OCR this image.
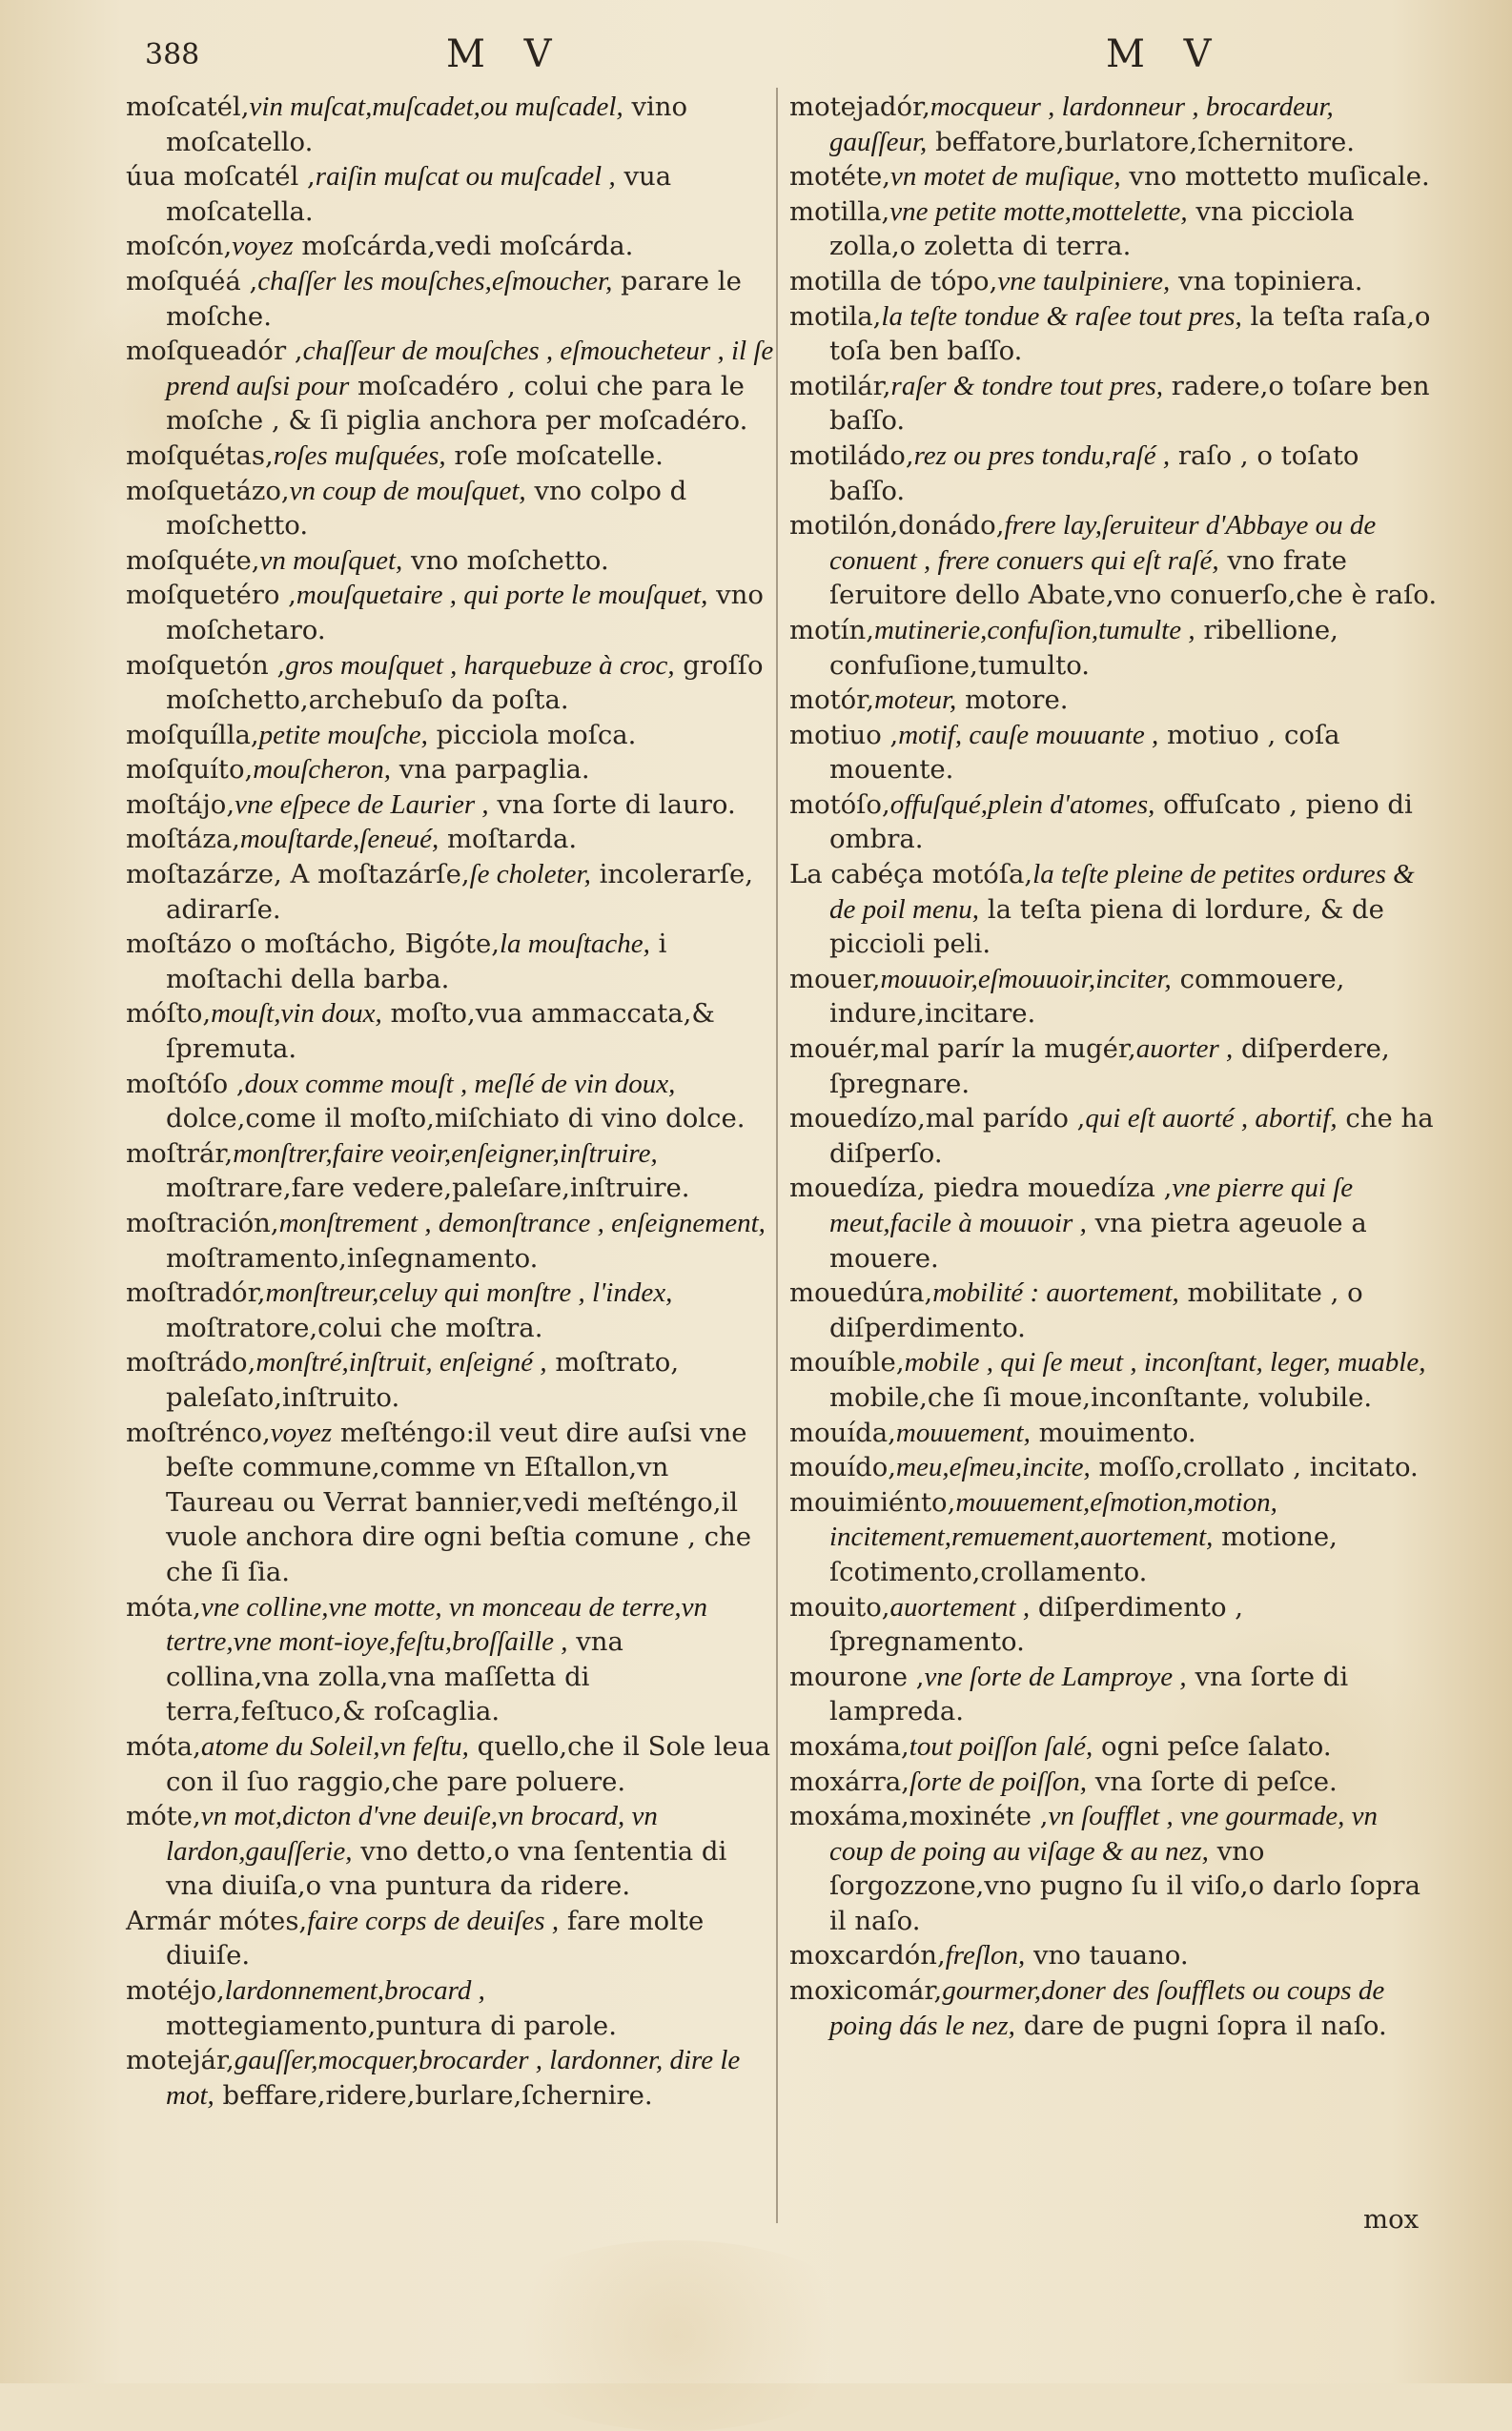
388	M V	M V

moſcatél,vin muſcat,muſcadet,ou muſcadel, vino moſcatello.

úua moſcatél ,raiſin muſcat ou muſcadel , vua moſcatella.

moſcón,voyez moſcárda,vedi moſcárda.

moſquéá ,chaſſer les mouſches,eſmoucher, parare le moſche.

moſqueadór ,chaſſeur de mouſches , eſmoucheteur , il ſe prend auſsi pour moſcadéro , colui che para le moſche , & ſi piglia anchora per moſcadéro.

moſquétas,roſes muſquées, roſe moſcatelle.

moſquetázo,vn coup de mouſquet, vno colpo d moſchetto.

moſquéte,vn mouſquet, vno moſchetto.

moſquetéro ,mouſquetaire , qui porte le mouſquet, vno moſchetaro.

moſquetón ,gros mouſquet , harquebuze à croc, groſſo moſchetto,archebuſo da poſta.

moſquílla,petite mouſche, picciola moſca.

moſquíto,mouſcheron, vna parpaglia.

moſtájo,vne eſpece de Laurier , vna ſorte di lauro.

moſtáza,mouſtarde,ſeneué, moſtarda.

moſtazárze, A moſtazárſe,ſe choleter, incolerarſe, adirarſe.

moſtázo o moſtácho, Bigóte,la mouſtache, i moſtachi della barba.

móſto,mouſt,vin doux, moſto,vua ammaccata,& ſpremuta.

moſtóſo ,doux comme mouſt , meſlé de vin doux, dolce,come il moſto,miſchiato di vino dolce.

moſtrár,monſtrer,faire veoir,enſeigner,inſtruire, moſtrare,fare vedere,paleſare,inſtruire.

moſtración,monſtrement , demonſtrance , enſeignement, moſtramento,inſegnamento.

moſtradór,monſtreur,celuy qui monſtre , l'index, moſtratore,colui che moſtra.

moſtrádo,monſtré,inſtruit, enſeigné , moſtrato, paleſato,inſtruito.

moſtrénco,voyez meſténgo:il veut dire auſsi vne beſte commune,comme vn Eſtallon,vn Taureau ou Verrat bannier,vedi meſténgo,il vuole anchora dire ogni beſtia comune , che che ſi ſia.

móta,vne colline,vne motte, vn monceau de terre,vn tertre,vne mont-ioye,feſtu,broſſaille , vna collina,vna zolla,vna maſſetta di terra,feſtuco,& roſcaglia.

móta,atome du Soleil,vn feſtu, quello,che il Sole leua con il ſuo raggio,che pare poluere.

móte,vn mot,dicton d'vne deuiſe,vn brocard, vn lardon,gauſſerie, vno detto,o vna ſententia di vna diuiſa,o vna puntura da ridere.

Armár mótes,faire corps de deuiſes , fare molte diuiſe.

motéjo,lardonnement,brocard , mottegiamento,puntura di parole.

motejár,gauſſer,mocquer,brocarder , lardonner, dire le mot, beffare,ridere,burlare,ſchernire.

motejadór,mocqueur , lardonneur , brocardeur, gauſſeur, beffatore,burlatore,ſchernitore.

motéte,vn motet de muſique, vno mottetto muſicale.

motilla,vne petite motte,mottelette, vna picciola zolla,o zoletta di terra.

motilla de tópo,vne taulpiniere, vna topiniera.

motila,la teſte tondue & raſee tout pres, la teſta raſa,o toſa ben baſſo.

motilár,raſer & tondre tout pres, radere,o toſare ben baſſo.

motiládo,rez ou pres tondu,raſé , raſo , o toſato baſſo.

motilón,donádo,frere lay,ſeruiteur d'Abbaye ou de conuent , frere conuers qui eſt raſé, vno frate ſeruitore dello Abate,vno conuerſo,che è raſo.

motín,mutinerie,confuſion,tumulte , ribellione, confuſione,tumulto.

motór,moteur, motore.

motiuo ,motif, cauſe mouuante , motiuo , coſa mouente.

motóſo,offuſqué,plein d'atomes, offuſcato , pieno di ombra.

La cabéça motóſa,la teſte pleine de petites ordures & de poil menu, la teſta piena di lordure, & de piccioli peli.

mouer,mouuoir,eſmouuoir,inciter, commouere, indure,incitare.

mouér,mal parír la mugér,auorter , diſperdere, ſpregnare.

mouedízo,mal parído ,qui eſt auorté , abortif, che ha diſperſo.

mouedíza, piedra mouedíza ,vne pierre qui ſe meut,facile à mouuoir , vna pietra ageuole a mouere.

mouedúra,mobilité : auortement, mobilitate , o diſperdimento.

mouíble,mobile , qui ſe meut , inconſtant, leger, muable, mobile,che ſi moue,inconſtante, volubile.

mouída,mouuement, mouimento.

mouído,meu,eſmeu,incite, moſſo,crollato , incitato.

mouimiénto,mouuement,eſmotion,motion, incitement,remuement,auortement, motione, ſcotimento,crollamento.

mouito,auortement , diſperdimento , ſpregnamento.

mourone ,vne ſorte de Lamproye , vna ſorte di lampreda.

moxáma,tout poiſſon ſalé, ogni peſce ſalato.

moxárra,ſorte de poiſſon, vna ſorte di peſce.

moxáma,moxinéte ,vn ſoufflet , vne gourmade, vn coup de poing au viſage & au nez, vno ſorgozzone,vno pugno ſu il viſo,o darlo ſopra il naſo.

moxcardón,freſlon, vno tauano.

moxicomár,gourmer,doner des ſoufflets ou coups de poing dás le nez, dare de pugni ſopra il naſo.

mox
